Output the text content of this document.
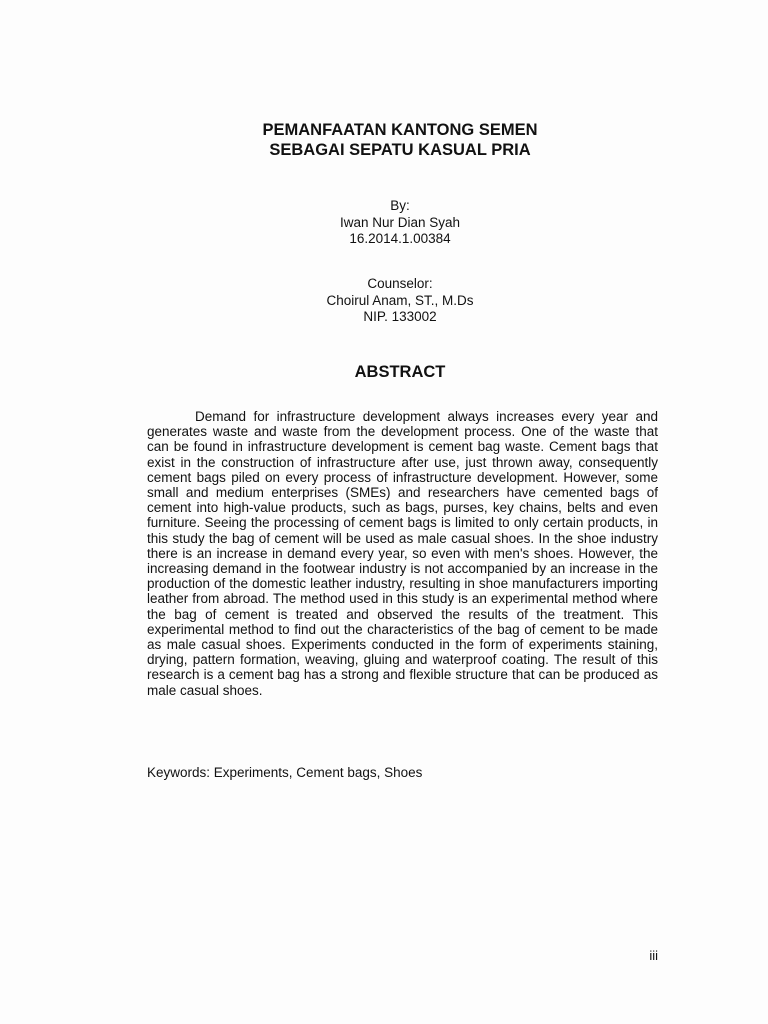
PEMANFAATAN KANTONG SEMEN
SEBAGAI SEPATU KASUAL PRIA
By:
Iwan Nur Dian Syah
16.2014.1.00384
Counselor:
Choirul Anam, ST., M.Ds
NIP. 133002
ABSTRACT

Demand for infrastructure development always increases every year and generates waste and waste from the development process. One of the waste that can be found in infrastructure development is cement bag waste. Cement bags that exist in the construction of infrastructure after use, just thrown away, consequently cement bags piled on every process of infrastructure development. However, some small and medium enterprises (SMEs) and researchers have cemented bags of cement into high-value products, such as bags, purses, key chains, belts and even furniture. Seeing the processing of cement bags is limited to only certain products, in this study the bag of cement will be used as male casual shoes. In the shoe industry there is an increase in demand every year, so even with men's shoes. However, the increasing demand in the footwear industry is not accompanied by an increase in the production of the domestic leather industry, resulting in shoe manufacturers importing leather from abroad. The method used in this study is an experimental method where the bag of cement is treated and observed the results of the treatment. This experimental method to find out the characteristics of the bag of cement to be made as male casual shoes. Experiments conducted in the form of experiments staining, drying, pattern formation, weaving, gluing and waterproof coating. The result of this research is a cement bag has a strong and flexible structure that can be produced as male casual shoes.

Keywords: Experiments, Cement bags, Shoes
iii
